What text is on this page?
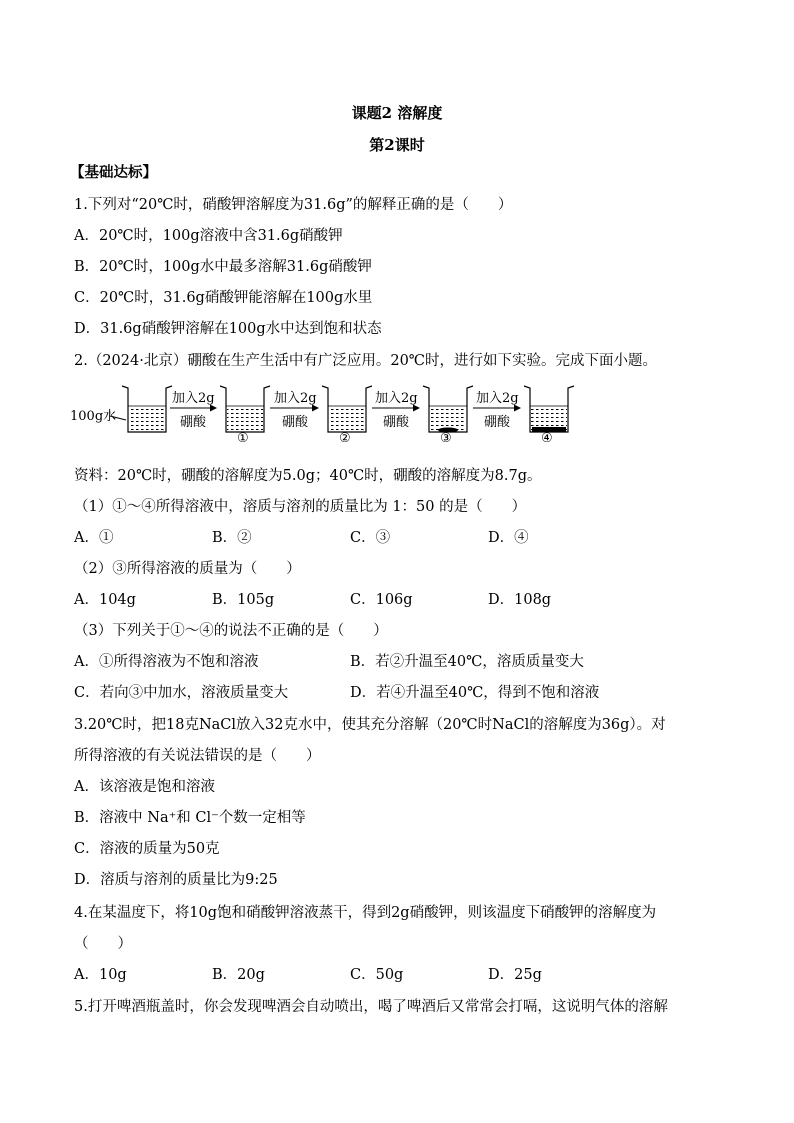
课题2 溶解度
第2课时
【基础达标】
1.下列对“20℃时，硝酸钾溶解度为31.6g”的解释正确的是（　　）
A．20℃时，100g溶液中含31.6g硝酸钾
B．20℃时，100g水中最多溶解31.6g硝酸钾
C．20℃时，31.6g硝酸钾能溶解在100g水里
D．31.6g硝酸钾溶解在100g水中达到饱和状态
2.（2024·北京）硼酸在生产生活中有广泛应用。20℃时，进行如下实验。完成下面小题。
100g水
加入2g
硼酸
①
加入2g
硼酸
②
加入2g
硼酸
③
加入2g
硼酸
④
资料：20℃时，硼酸的溶解度为5.0g；40℃时，硼酸的溶解度为8.7g。
（1）①～④所得溶液中，溶质与溶剂的质量比为 1：50 的是（　　）
A．①	B．②	C．③	D．④
（2）③所得溶液的质量为（　　）
A．104g	B．105g	C．106g	D．108g
（3）下列关于①～④的说法不正确的是（　　）
A．①所得溶液为不饱和溶液	B．若②升温至40℃，溶质质量变大
C．若向③中加水，溶液质量变大	D．若④升温至40℃，得到不饱和溶液
3.20℃时，把18克NaCl放入32克水中，使其充分溶解（20℃时NaCl的溶解度为36g）。对
所得溶液的有关说法错误的是（　　）
A．该溶液是饱和溶液
B．溶液中 Na⁺和 Cl⁻个数一定相等
C．溶液的质量为50克
D．溶质与溶剂的质量比为9:25
4.在某温度下，将10g饱和硝酸钾溶液蒸干，得到2g硝酸钾，则该温度下硝酸钾的溶解度为
（　　）
A．10g	B．20g	C．50g	D．25g
5.打开啤酒瓶盖时，你会发现啤酒会自动喷出，喝了啤酒后又常常会打嗝，这说明气体的溶解
